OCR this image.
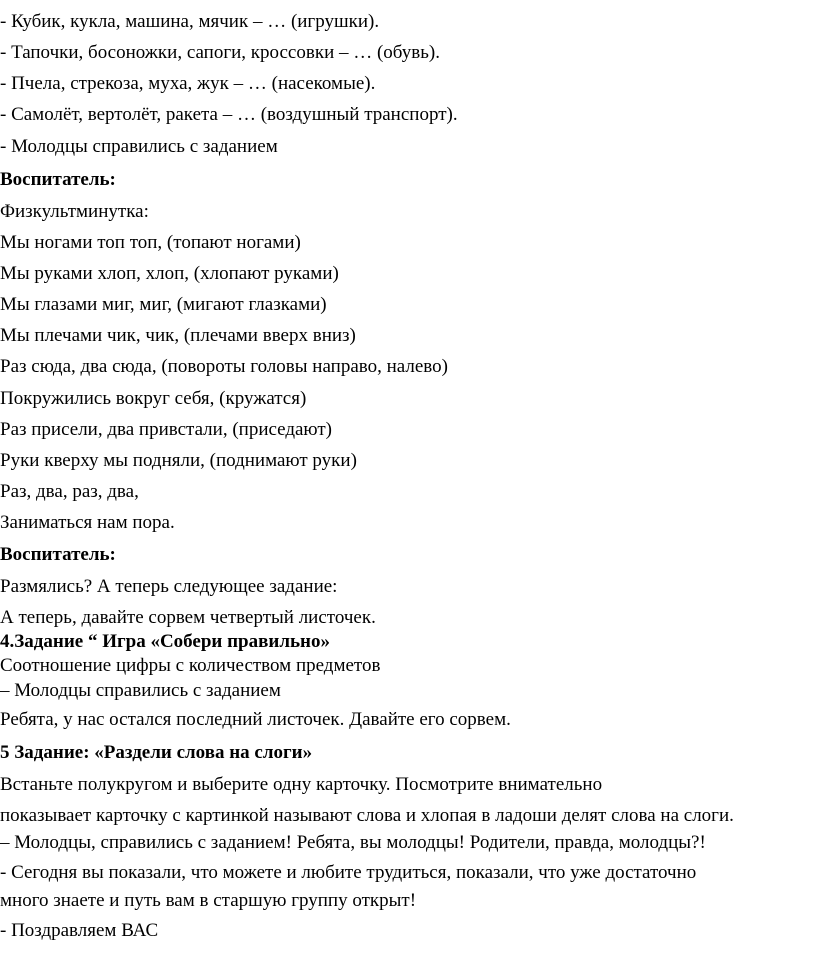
- Кубик, кукла, машина, мячик – … (игрушки).
- Тапочки, босоножки, сапоги, кроссовки – … (обувь).
- Пчела, стрекоза, муха, жук – … (насекомые).
- Самолёт, вертолёт, ракета – … (воздушный транспорт).
- Молодцы справились с заданием
Воспитатель:
Физкультминутка:
Мы ногами топ топ, (топают ногами)
Мы руками хлоп, хлоп, (хлопают руками)
Мы глазами миг, миг, (мигают глазками)
Мы плечами чик, чик, (плечами вверх вниз)
Раз сюда, два сюда, (повороты головы направо, налево)
Покружились вокруг себя, (кружатся)
Раз присели, два привстали, (приседают)
Руки кверху мы подняли, (поднимают руки)
Раз, два, раз, два,
Заниматься нам пора.
Воспитатель:
Размялись? А теперь следующее задание:
А теперь, давайте сорвем четвертый листочек.
4.Задание “ Игра «Собери правильно»
Соотношение цифры с количеством предметов
– Молодцы справились с заданием
Ребята, у нас остался последний листочек. Давайте его сорвем.
5 Задание: «Раздели слова на слоги»
Встаньте полукругом и выберите одну карточку. Посмотрите внимательно
показывает карточку с картинкой называют слова и хлопая в ладоши делят слова на слоги.
– Молодцы, справились с заданием! Ребята, вы молодцы! Родители, правда, молодцы?!
- Сегодня вы показали, что можете и любите трудиться, показали, что уже достаточно
много знаете и путь вам в старшую группу открыт!
- Поздравляем ВАС
